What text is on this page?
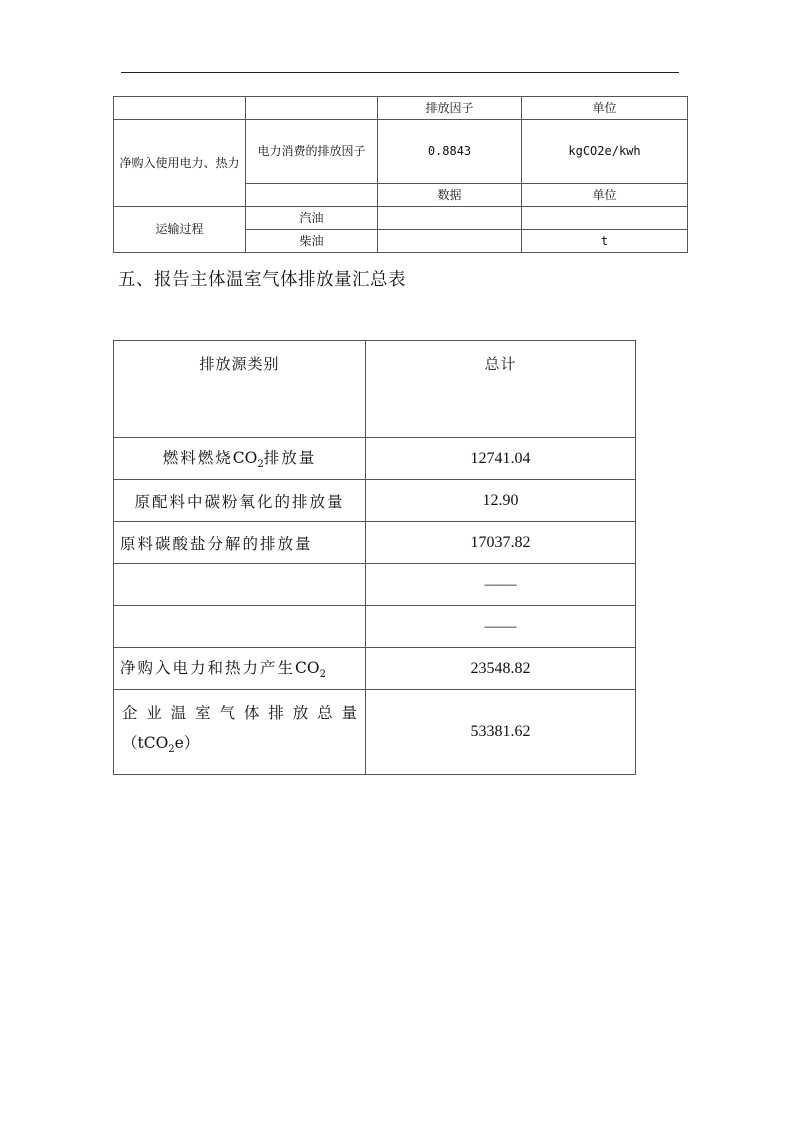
		排放因子	单位
净购入使用电力、热力	电力消费的排放因子	0.8843	kgCO2e/kwh
		数据	单位
运输过程	汽油		
	柴油		t
五、报告主体温室气体排放量汇总表
排放源类别	总计
燃料燃烧$CO_2$排放量	12741.04
原配料中碳粉氧化的排放量	12.90
原料碳酸盐分解的排放量	17037.82
	——
	——
净购入电力和热力产生$CO_2$	23548.82
企业温室气体排放总量
（tCO$_2$e）	53381.62
